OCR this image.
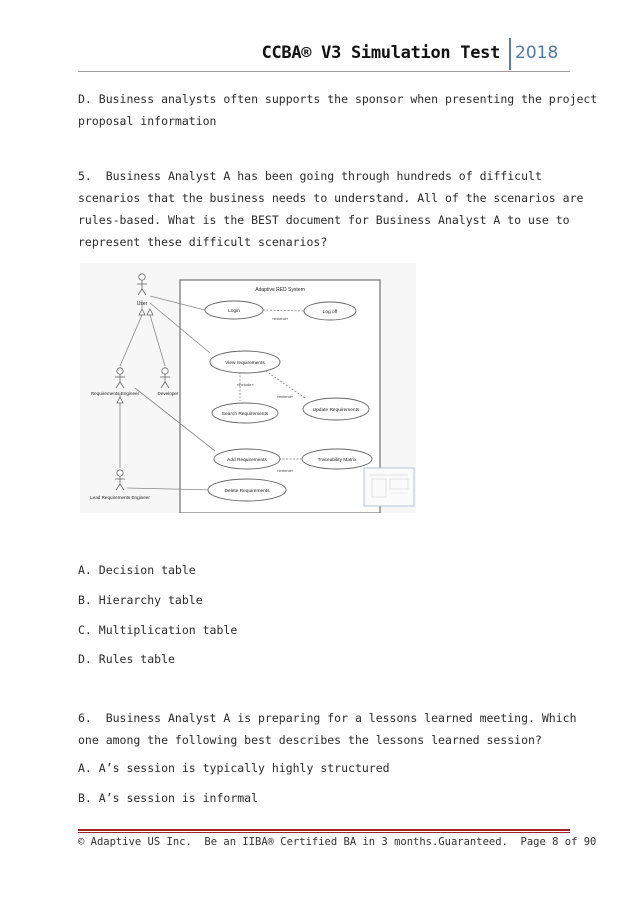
CCBA® V3 Simulation Test 2018
D. Business analysts often supports the sponsor when presenting the project
proposal information
5.  Business Analyst A has been going through hundreds of difficult
scenarios that the business needs to understand. All of the scenarios are
rules-based. What is the BEST document for Business Analyst A to use to
represent these difficult scenarios?
Adaptive RED System
User
Requirements Engineer	Developer
Lead Requirements Engineer
«extend»
«include»
«extend»
«extend»
Login	Log off
View requirements
Search Requirements
Update Requirements
Add Requirements	Traceability Matrix
Delete Requirements
A. Decision table
B. Hierarchy table
C. Multiplication table
D. Rules table
6.  Business Analyst A is preparing for a lessons learned meeting. Which
one among the following best describes the lessons learned session?
A. A’s session is typically highly structured
B. A’s session is informal
© Adaptive US Inc.  Be an IIBA® Certified BA in 3 months.Guaranteed.  Page 8 of 90
